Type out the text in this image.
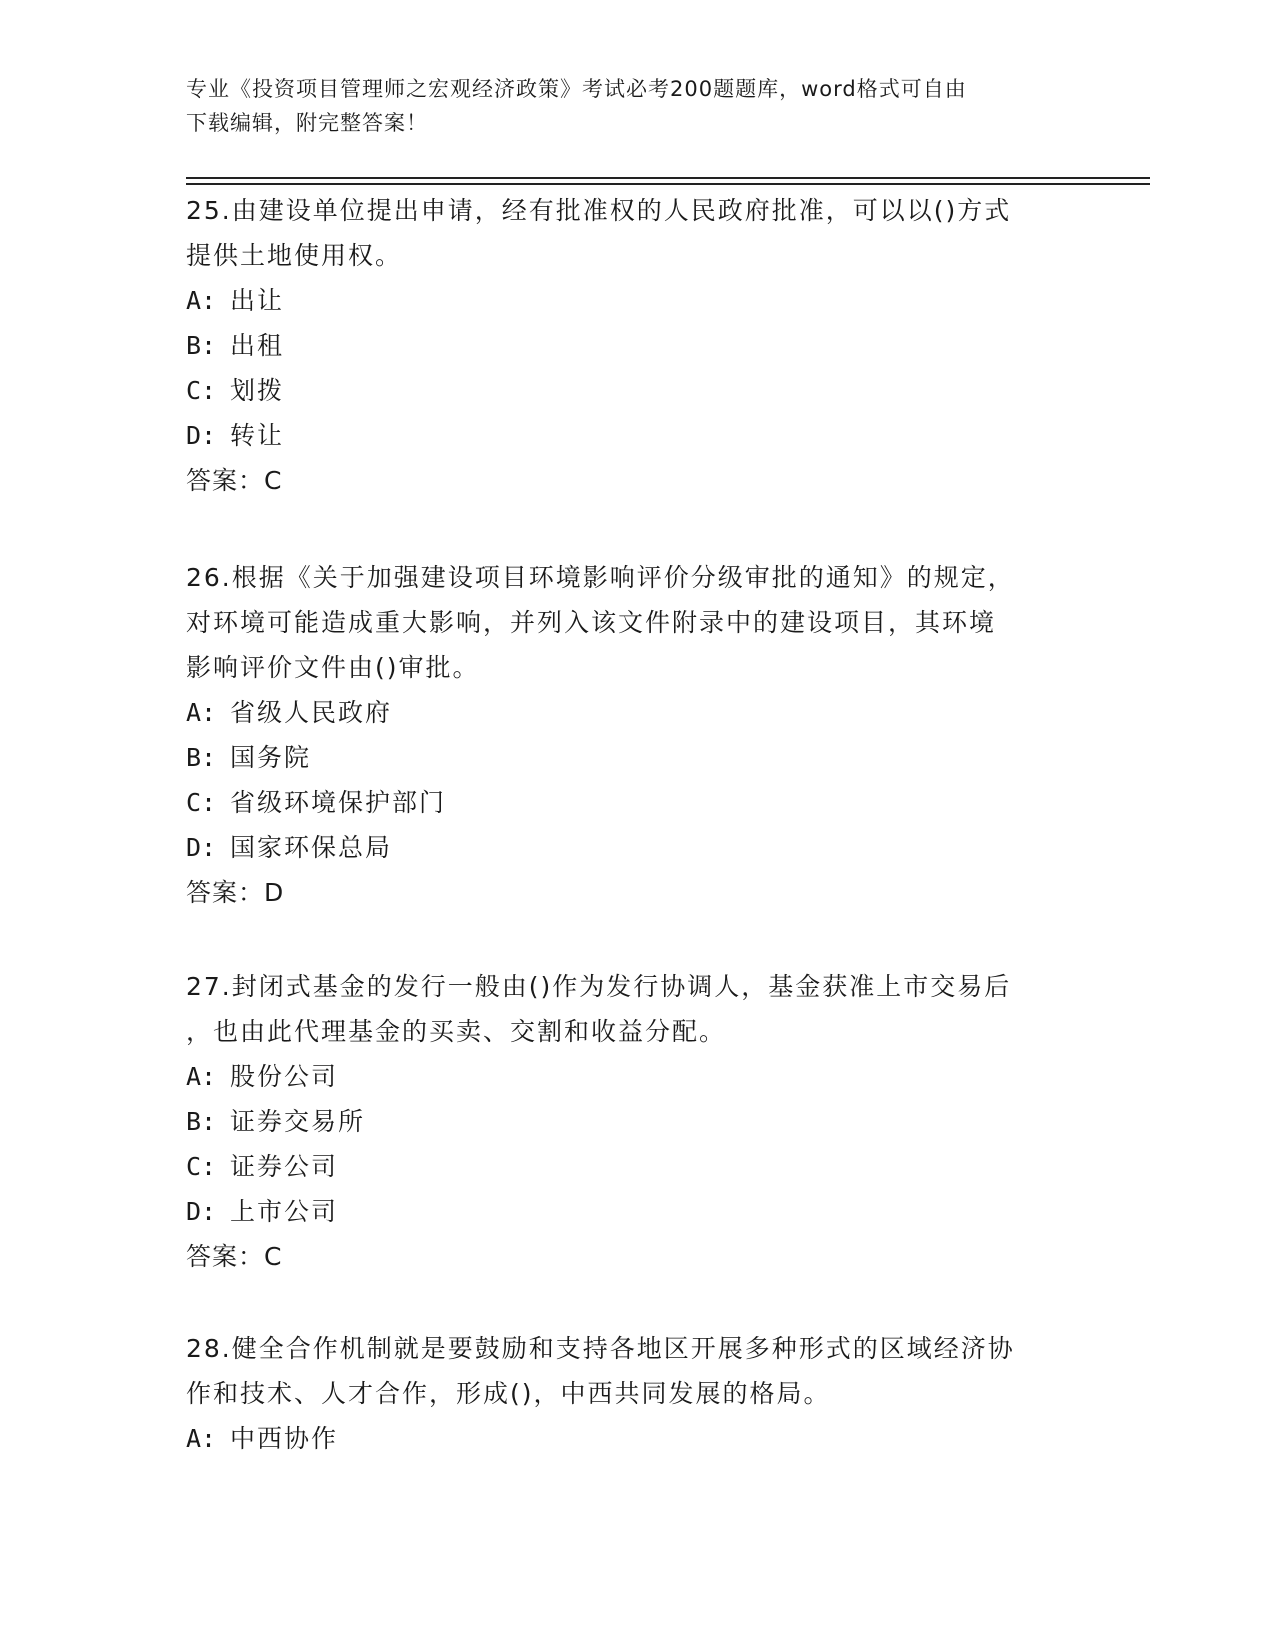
专业《投资项目管理师之宏观经济政策》考试必考200题题库，word格式可自由
下载编辑，附完整答案！

25.由建设单位提出申请，经有批准权的人民政府批准，可以以()方式

提供土地使用权。

A: 出让

B: 出租

C: 划拨

D: 转让

答案：C

26.根据《关于加强建设项目环境影响评价分级审批的通知》的规定，

对环境可能造成重大影响，并列入该文件附录中的建设项目，其环境

影响评价文件由()审批。

A: 省级人民政府

B: 国务院

C: 省级环境保护部门

D: 国家环保总局

答案：D

27.封闭式基金的发行一般由()作为发行协调人，基金获准上市交易后

，也由此代理基金的买卖、交割和收益分配。

A: 股份公司

B: 证券交易所

C: 证券公司

D: 上市公司

答案：C

28.健全合作机制就是要鼓励和支持各地区开展多种形式的区域经济协

作和技术、人才合作，形成()，中西共同发展的格局。

A: 中西协作
